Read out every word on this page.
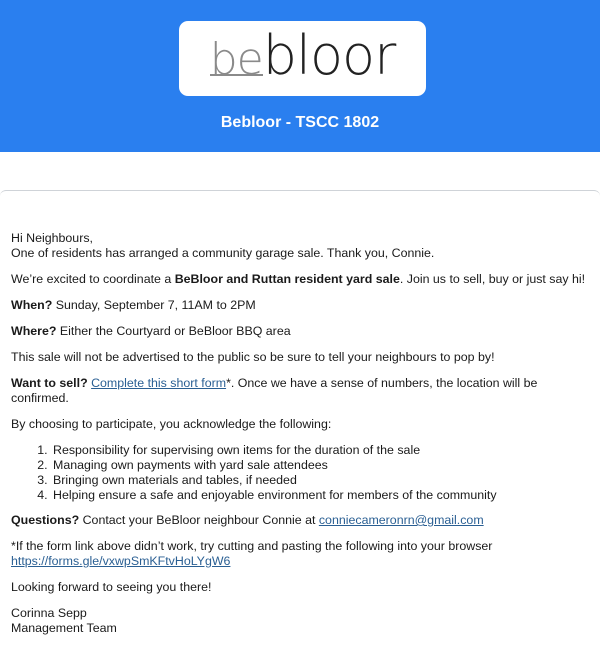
bebloor
Bebloor - TSCC 1802

Hi Neighbours,
One of residents has arranged a community garage sale. Thank you, Connie.

We’re excited to coordinate a BeBloor and Ruttan resident yard sale. Join us to sell, buy or just say hi!

When? Sunday, September 7, 11AM to 2PM

Where? Either the Courtyard or BeBloor BBQ area

This sale will not be advertised to the public so be sure to tell your neighbours to pop by!

Want to sell? Complete this short form*. Once we have a sense of numbers, the location will be confirmed.

By choosing to participate, you acknowledge the following:

1. Responsibility for supervising own items for the duration of the sale
2. Managing own payments with yard sale attendees
3. Bringing own materials and tables, if needed
4. Helping ensure a safe and enjoyable environment for members of the community

Questions? Contact your BeBloor neighbour Connie at conniecameronrn@gmail.com

*If the form link above didn’t work, try cutting and pasting the following into your browser
https://forms.gle/vxwpSmKFtvHoLYgW6

Looking forward to seeing you there!

Corinna Sepp
Management Team
